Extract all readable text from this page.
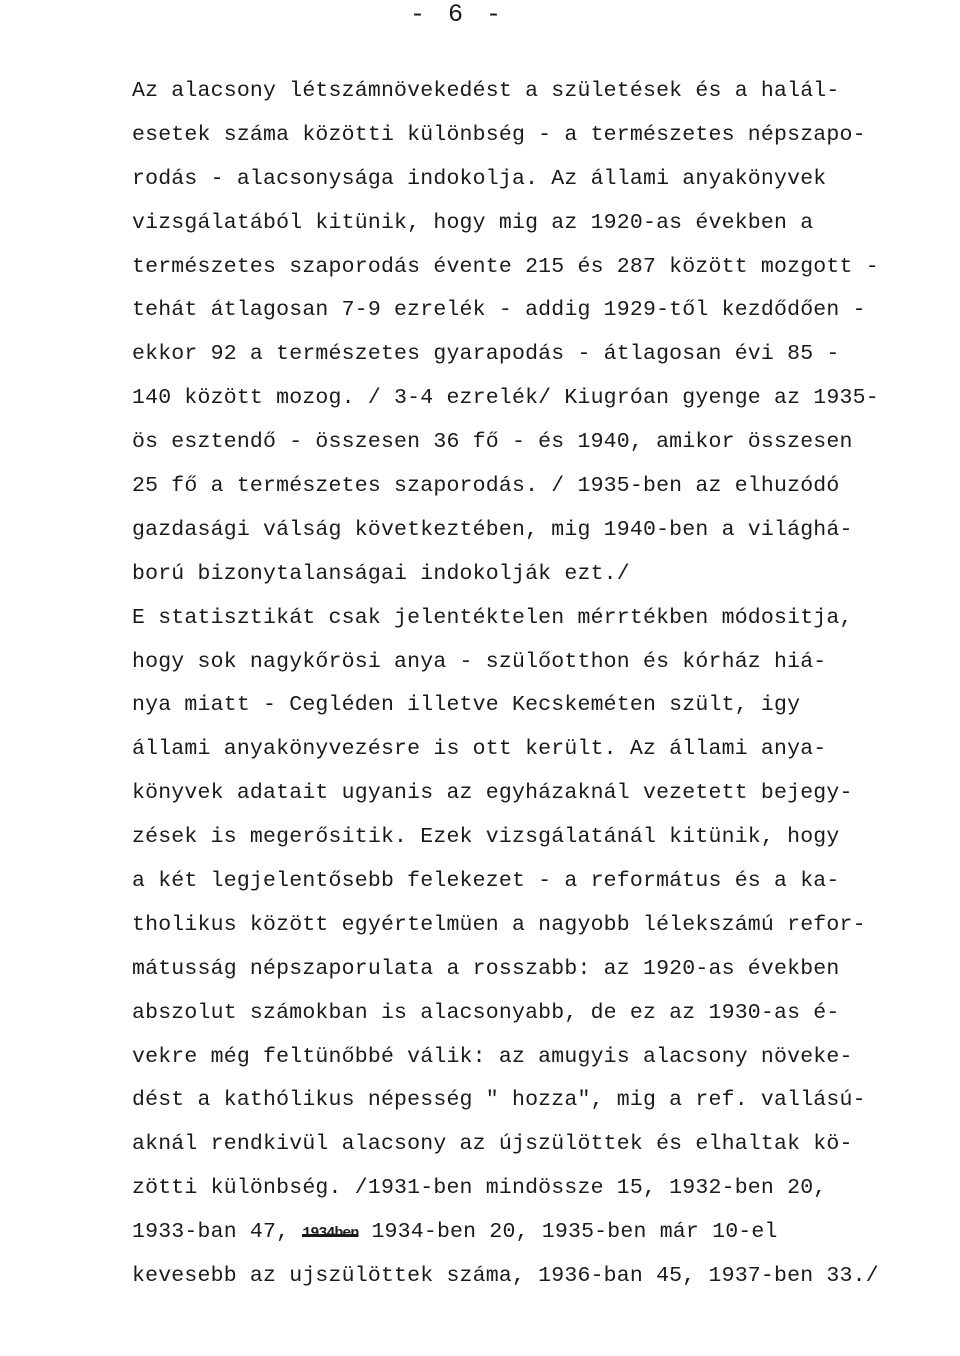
- 6 -
Az alacsony létszámnövekedést a születések és a halál-
esetek száma közötti különbség - a természetes népszapo-
rodás - alacsonysága indokolja. Az állami anyakönyvek
vizsgálatából kitünik, hogy mig az 1920-as években a
természetes szaporodás évente 215 és 287 között mozgott -
tehát átlagosan 7-9 ezrelék - addig 1929-től kezdődően -
ekkor 92 a természetes gyarapodás - átlagosan évi 85 -
140 között mozog. / 3-4 ezrelék/ Kiugróan gyenge az 1935-
ös esztendő - összesen 36 fő - és 1940, amikor összesen
25 fő a természetes szaporodás. / 1935-ben az elhuzódó
gazdasági válság következtében, mig 1940-ben a világhá-
ború bizonytalanságai indokolják ezt./
E statisztikát csak jelentéktelen mérrtékben módositja,
hogy sok nagykőrösi anya - szülőotthon és kórház hiá-
nya miatt - Cegléden illetve Kecskeméten szült, igy
állami anyakönyvezésre is ott került. Az állami anya-
könyvek adatait ugyanis az egyházaknál vezetett bejegy-
zések is megerősitik. Ezek vizsgálatánál kitünik, hogy
a két legjelentősebb felekezet - a református és a ka-
tholikus között egyértelmüen a nagyobb lélekszámú refor-
mátusság népszaporulata a rosszabb: az 1920-as években
abszolut számokban is alacsonyabb, de ez az 1930-as é-
vekre még feltünőbbé válik: az amugyis alacsony növeke-
dést a kathólikus népesség " hozza", mig a ref. vallású-
aknál rendkivül alacsony az újszülöttek és elhaltak kö-
zötti különbség. /1931-ben mindössze 15, 1932-ben 20,
1933-ban 47, 1934ben 1934-ben 20, 1935-ben már 10-el
kevesebb az ujszülöttek száma, 1936-ban 45, 1937-ben 33./
